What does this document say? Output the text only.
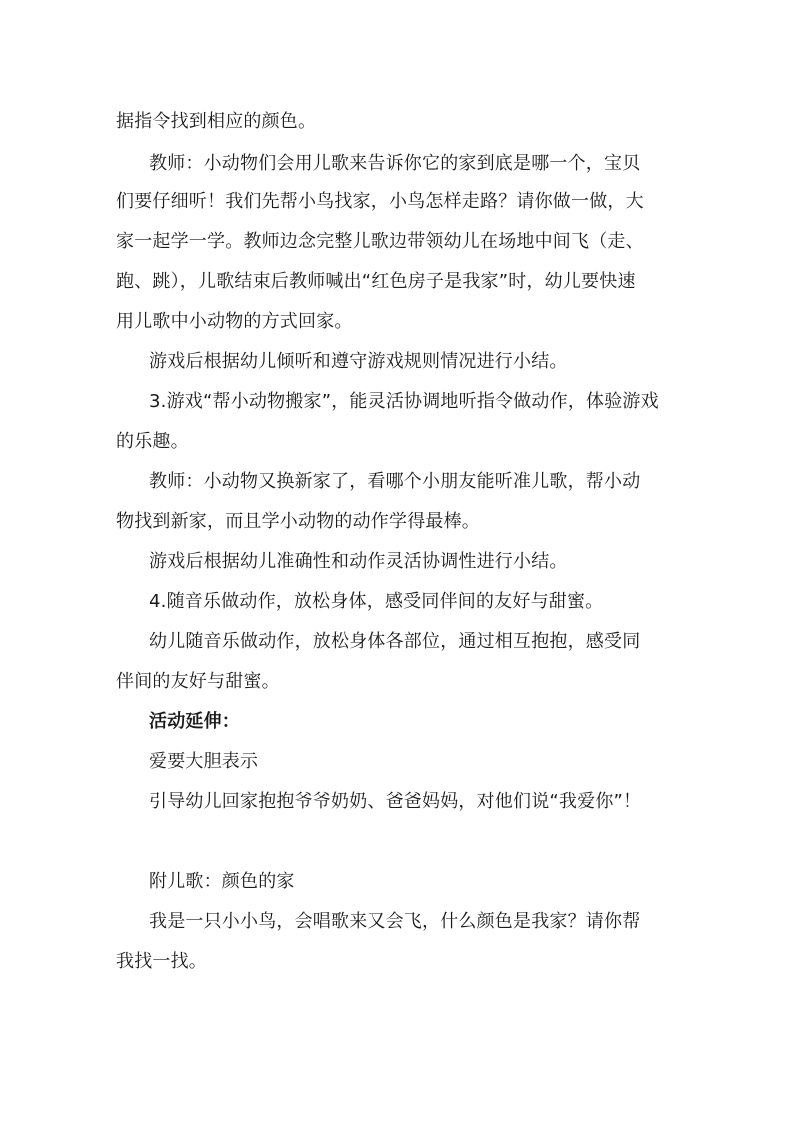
据指令找到相应的颜色。
教师：小动物们会用儿歌来告诉你它的家到底是哪一个，宝贝
们要仔细听！我们先帮小鸟找家，小鸟怎样走路？请你做一做，大
家一起学一学。教师边念完整儿歌边带领幼儿在场地中间飞（走、
跑、跳），儿歌结束后教师喊出“红色房子是我家”时，幼儿要快速
用儿歌中小动物的方式回家。
游戏后根据幼儿倾听和遵守游戏规则情况进行小结。
3.游戏“帮小动物搬家”，能灵活协调地听指令做动作，体验游戏
的乐趣。
教师：小动物又换新家了，看哪个小朋友能听准儿歌，帮小动
物找到新家，而且学小动物的动作学得最棒。
游戏后根据幼儿准确性和动作灵活协调性进行小结。
4.随音乐做动作，放松身体，感受同伴间的友好与甜蜜。
幼儿随音乐做动作，放松身体各部位，通过相互抱抱，感受同
伴间的友好与甜蜜。
活动延伸：
爱要大胆表示
引导幼儿回家抱抱爷爷奶奶、爸爸妈妈，对他们说“我爱你”！
附儿歌：颜色的家
我是一只小小鸟，会唱歌来又会飞，什么颜色是我家？请你帮
我找一找。
